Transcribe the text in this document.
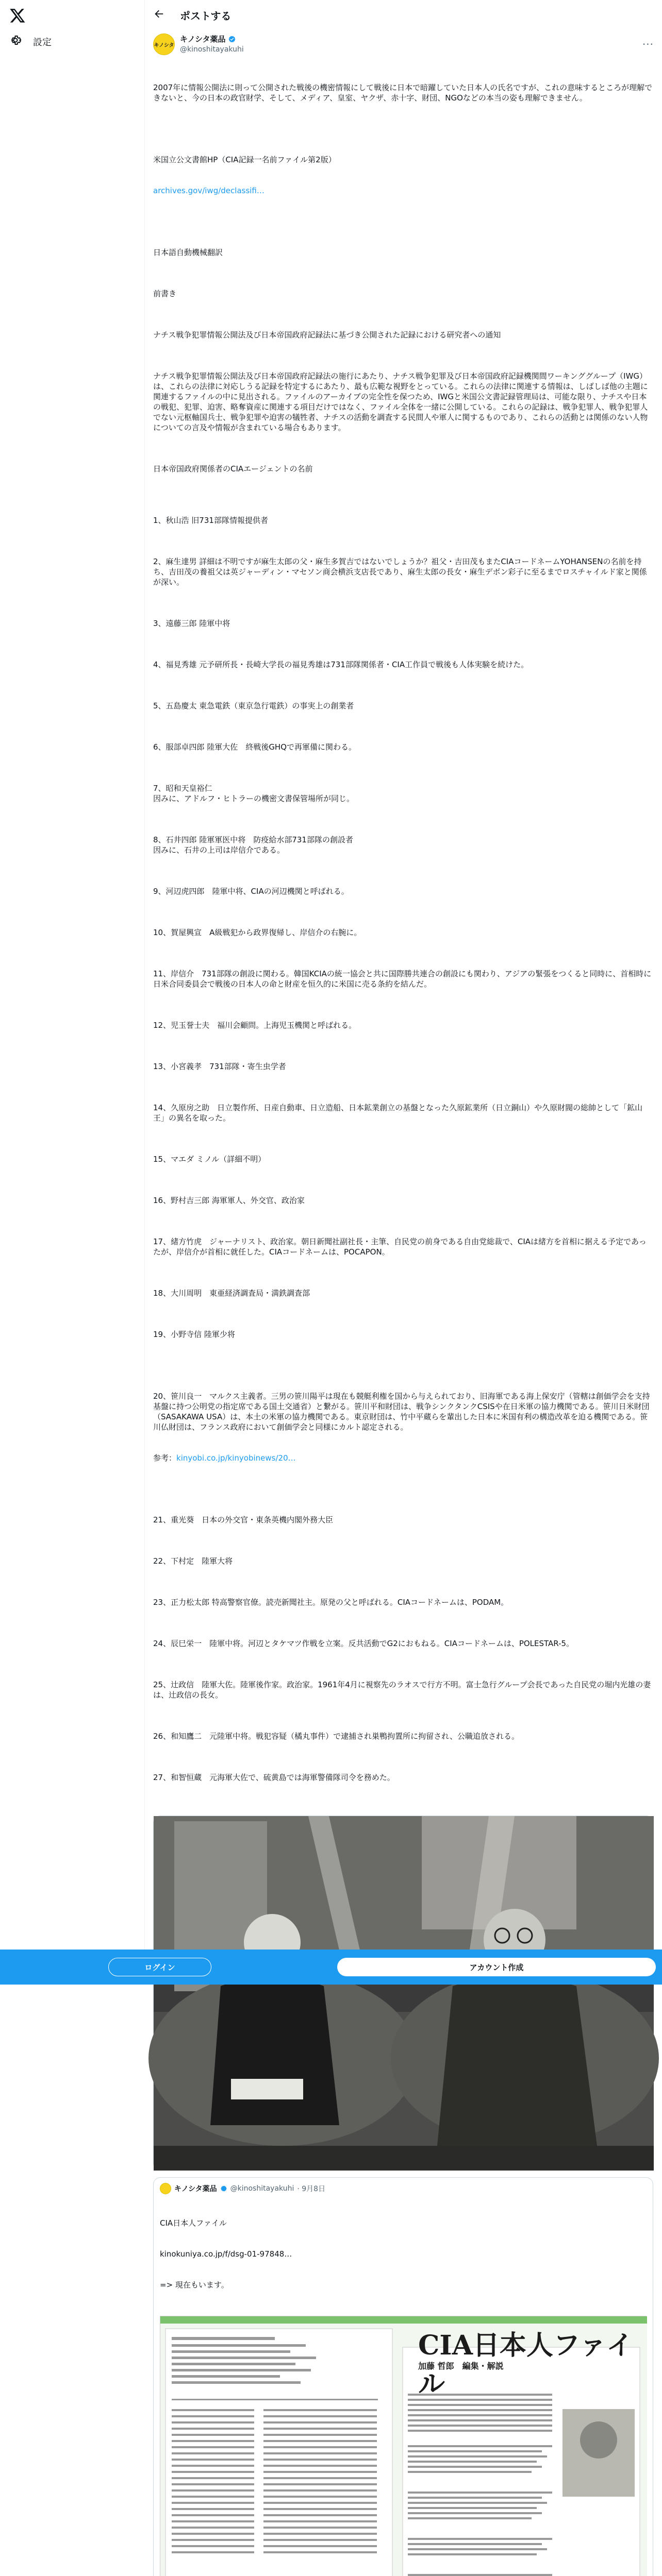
設定
ポストする
キノシタ
キノシタ薬品
@kinoshitayakuhi	···

2007年に情報公開法に則って公開された戦後の機密情報にして戦後に日本で暗躍していた日本人の氏名ですが、これの意味するところが理解できないと、今の日本の政官財学、そして、メディア、皇室、ヤクザ、赤十字、財団、NGOなどの本当の姿も理解できません。

米国立公文書館HP（CIA記録一名前ファイル第2版）

archives.gov/iwg/declassifi…

日本語自動機械翻訳

前書き

ナチス戦争犯罪情報公開法及び日本帝国政府記録法に基づき公開された記録における研究者への通知

ナチス戦争犯罪情報公開法及び日本帝国政府記録法の施行にあたり、ナチス戦争犯罪及び日本帝国政府記録機関間ワーキンググループ（IWG）は、これらの法律に対応しうる記録を特定するにあたり、最も広範な視野をとっている。これらの法律に関連する情報は、しばしば他の主題に関連するファイルの中に見出される。ファイルのアーカイブの完全性を保つため、IWGと米国公文書記録管理局は、可能な限り、ナチスや日本の戦犯、犯罪、迫害、略奪資産に関連する項目だけではなく、ファイル全体を一緒に公開している。これらの記録は、戦争犯罪人、戦争犯罪人でない元枢軸国兵士、戦争犯罪や迫害の犠牲者、ナチスの活動を調査する民間人や軍人に関するものであり、これらの活動とは関係のない人物についての言及や情報が含まれている場合もあります。

日本帝国政府関係者のCIAエージェントの名前

1、秋山浩 旧731部隊情報提供者

2、麻生達男 詳細は不明ですが麻生太郎の父・麻生多賀吉ではないでしょうか？祖父・吉田茂もまたCIAコードネームYOHANSENの名前を持ち、吉田茂の養祖父は英ジャーディン・マセソン商会横浜支店長であり、麻生太郎の長女・麻生デボン彩子に至るまでロスチャイルド家と関係が深い。

3、遠藤三郎 陸軍中将

4、福見秀雄 元予研所長・長崎大学長の福見秀雄は731部隊関係者・CIA工作員で戦後も人体実験を続けた。

5、五島慶太 東急電鉄（東京急行電鉄）の事実上の創業者

6、服部卓四郎 陸軍大佐　終戦後GHQで再軍備に関わる。

7、昭和天皇裕仁
因みに、アドルフ・ヒトラーの機密文書保管場所が同じ。

8、石井四郎 陸軍軍医中将　防疫給水部731部隊の創設者
因みに、石井の上司は岸信介である。

9、河辺虎四郎　陸軍中将、CIAの河辺機関と呼ばれる。

10、賀屋興宣　A級戦犯から政界復帰し、岸信介の右腕に。

11、岸信介　731部隊の創設に関わる。韓国KCIAの統一協会と共に国際勝共連合の創設にも関わり、アジアの緊張をつくると同時に、首相時に日米合同委員会で戦後の日本人の命と財産を恒久的に米国に売る条約を結んだ。

12、児玉誉士夫　福川会顧問。上海児玉機関と呼ばれる。

13、小宮義孝　731部隊・寄生虫学者

14、久原房之助　日立製作所、日産自動車、日立造船、日本鉱業創立の基盤となった久原鉱業所（日立銅山）や久原財閥の総帥として「鉱山王」の異名を取った。

15、マエダ ミノル（詳細不明）

16、野村吉三郎 海軍軍人、外交官、政治家

17、緒方竹虎　ジャーナリスト、政治家。朝日新聞社副社長・主筆、自民党の前身である自由党総裁で、CIAは緒方を首相に据える予定であったが、岸信介が首相に就任した。CIAコードネームは、POCAPON。

18、大川周明　東亜経済調査局・満鉄調査部

19、小野寺信 陸軍少将

20、笹川良一　マルクス主義者。三男の笹川陽平は現在も競艇利権を国から与えられており、旧海軍である海上保安庁（管轄は創価学会を支持基盤に持つ公明党の指定席である国土交通省）と繋がる。笹川平和財団は、戦争シンクタンクCSISや在日米軍の協力機関である。笹川日米財団（SASAKAWA USA）は、本土の米軍の協力機関である。東京財団は、竹中平蔵らを輩出した日本に米国有利の構造改革を迫る機関である。笹川仏財団は、フランス政府において創価学会と同様にカルト認定される。

参考：kinyobi.co.jp/kinyobinews/20…

21、重光葵　日本の外交官・東条英機内閣外務大臣

22、下村定　陸軍大将

23、正力松太郎 特高警察官僚。読売新聞社主。原発の父と呼ばれる。CIAコードネームは、PODAM。

24、辰巳栄一　陸軍中将。河辺とタケマツ作戦を立案。反共活動でG2におもねる。CIAコードネームは、POLESTAR-5。

25、辻政信　陸軍大佐。陸軍後作家。政治家。1961年4月に視察先のラオスで行方不明。富士急行グループ会長であった自民党の堀内光雄の妻は、辻政信の長女。

26、和知鷹二　元陸軍中将。戦犯容疑（橘丸事件）で逮捕され巣鴨拘置所に拘留され、公職追放される。

27、和智恒蔵　元海軍大佐で、硫黄島では海軍警備隊司令を務めた。

キノシタ薬品 @kinoshitayakuhi · 9月8日

CIA日本人ファイル

kinokuniya.co.jp/f/dsg-01-97848…

=> 現在もいます。

CIA日本人ファイル
加藤 哲郎　編集・解説
ログイン	アカウント作成
